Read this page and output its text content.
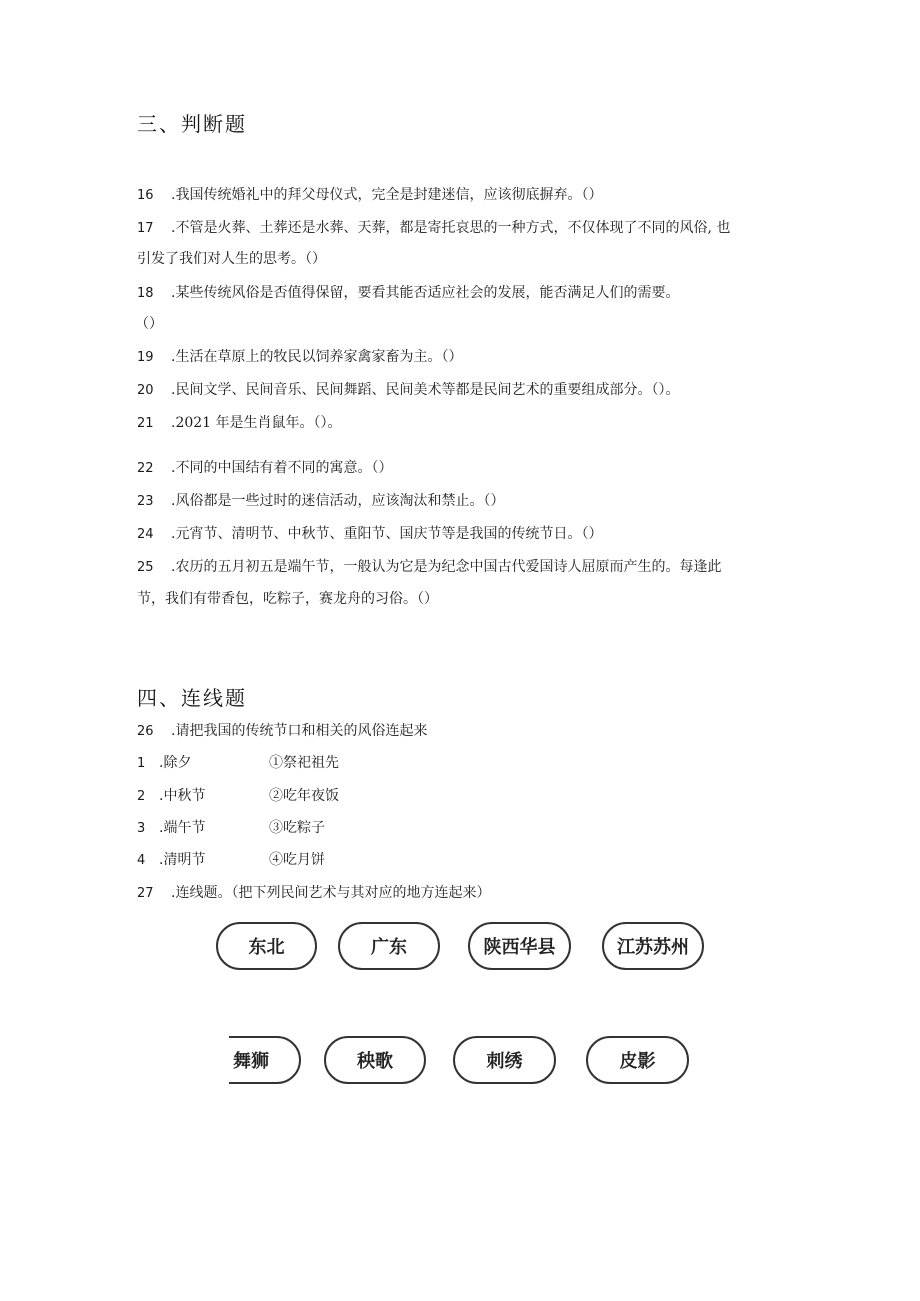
三、判断题
16 .我国传统婚礼中的拜父母仪式，完全是封建迷信，应该彻底摒弃。（）
17 .不管是火葬、土葬还是水葬、天葬，都是寄托哀思的一种方式，不仅体现了不同的风俗, 也
引发了我们对人生的思考。（）
18 .某些传统风俗是否值得保留，要看其能否适应社会的发展，能否满足人们的需要。
（）
19 .生活在草原上的牧民以饲养家禽家畜为主。（）
20 .民间文学、民间音乐、民间舞蹈、民间美术等都是民间艺术的重要组成部分。（）。
21 .2021 年是生肖鼠年。（）。
22 .不同的中国结有着不同的寓意。（）
23 .风俗都是一些过时的迷信活动，应该淘汰和禁止。（）
24 .元宵节、清明节、中秋节、重阳节、国庆节等是我国的传统节日。（）
25 .农历的五月初五是端午节，一般认为它是为纪念中国古代爱国诗人屈原而产生的。每逢此
节，我们有带香包，吃粽子，赛龙舟的习俗。（）
四、连线题
26 .请把我国的传统节口和相关的风俗连起来
1 .除夕	①祭祀祖先
2 .中秋节	②吃年夜饭
3 .端午节	③吃粽子
4 .清明节	④吃月饼
27 .连线题。（把下列民间艺术与其对应的地方连起来）
东北	广东	陕西华县	江苏苏州
舞狮	秧歌	刺绣	皮影
